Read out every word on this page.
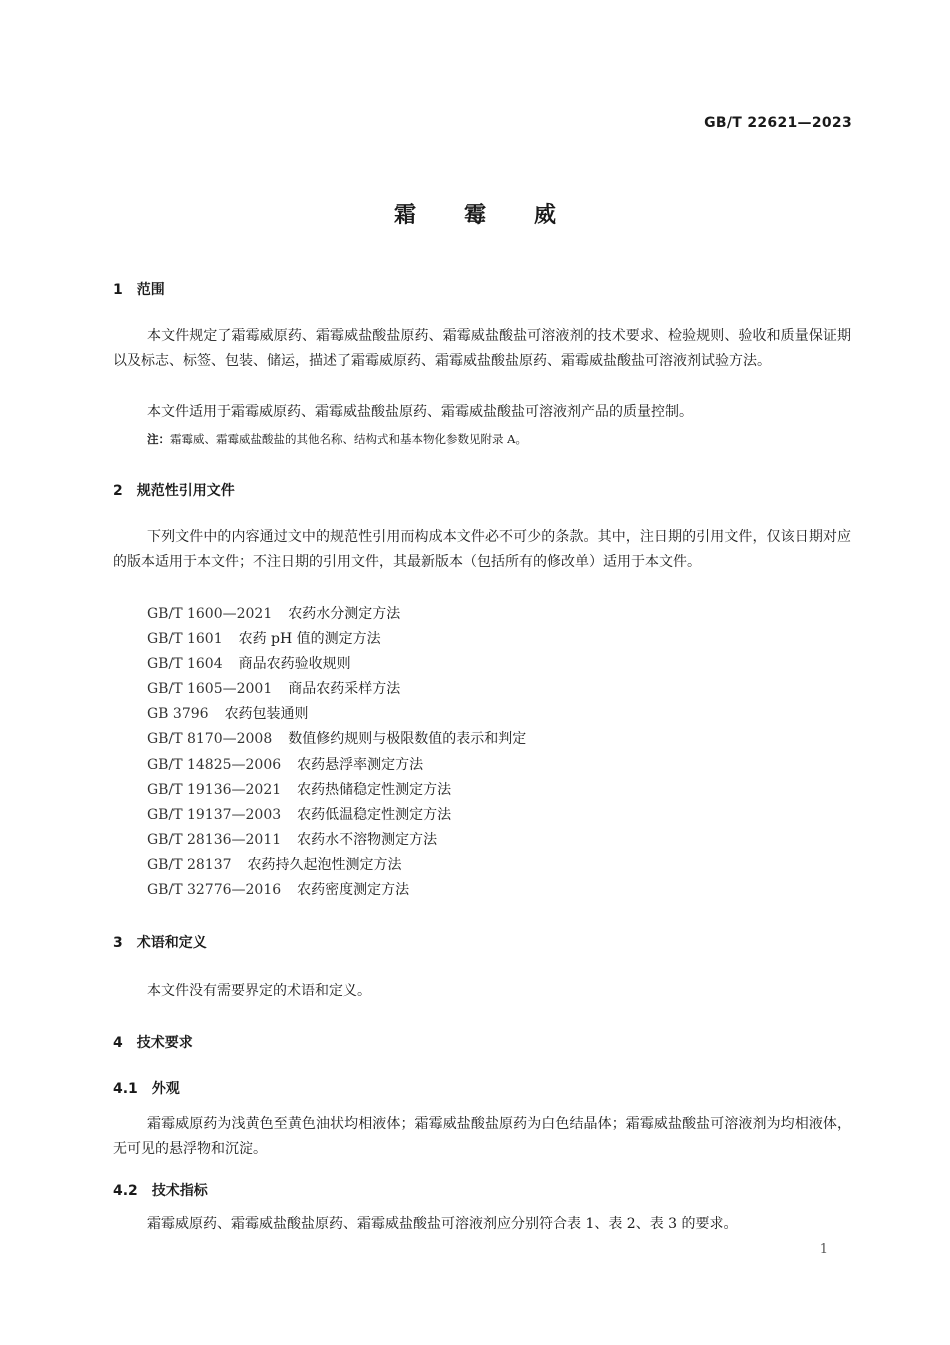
GB/T 22621—2023
霜霉威
1 范围
本文件规定了霜霉威原药、霜霉威盐酸盐原药、霜霉威盐酸盐可溶液剂的技术要求、检验规则、验收和质量保证期以及标志、标签、包装、储运，描述了霜霉威原药、霜霉威盐酸盐原药、霜霉威盐酸盐可溶液剂试验方法。
本文件适用于霜霉威原药、霜霉威盐酸盐原药、霜霉威盐酸盐可溶液剂产品的质量控制。
注：霜霉威、霜霉威盐酸盐的其他名称、结构式和基本物化参数见附录 A。
2 规范性引用文件
下列文件中的内容通过文中的规范性引用而构成本文件必不可少的条款。其中，注日期的引用文件，仅该日期对应的版本适用于本文件；不注日期的引用文件，其最新版本（包括所有的修改单）适用于本文件。
GB/T 1600—2021 农药水分测定方法
GB/T 1601 农药 pH 值的测定方法
GB/T 1604 商品农药验收规则
GB/T 1605—2001 商品农药采样方法
GB 3796 农药包装通则
GB/T 8170—2008 数值修约规则与极限数值的表示和判定
GB/T 14825—2006 农药悬浮率测定方法
GB/T 19136—2021 农药热储稳定性测定方法
GB/T 19137—2003 农药低温稳定性测定方法
GB/T 28136—2011 农药水不溶物测定方法
GB/T 28137 农药持久起泡性测定方法
GB/T 32776—2016 农药密度测定方法
3 术语和定义
本文件没有需要界定的术语和定义。
4 技术要求
4.1 外观
霜霉威原药为浅黄色至黄色油状均相液体；霜霉威盐酸盐原药为白色结晶体；霜霉威盐酸盐可溶液剂为均相液体，无可见的悬浮物和沉淀。
4.2 技术指标
霜霉威原药、霜霉威盐酸盐原药、霜霉威盐酸盐可溶液剂应分别符合表 1、表 2、表 3 的要求。
1
